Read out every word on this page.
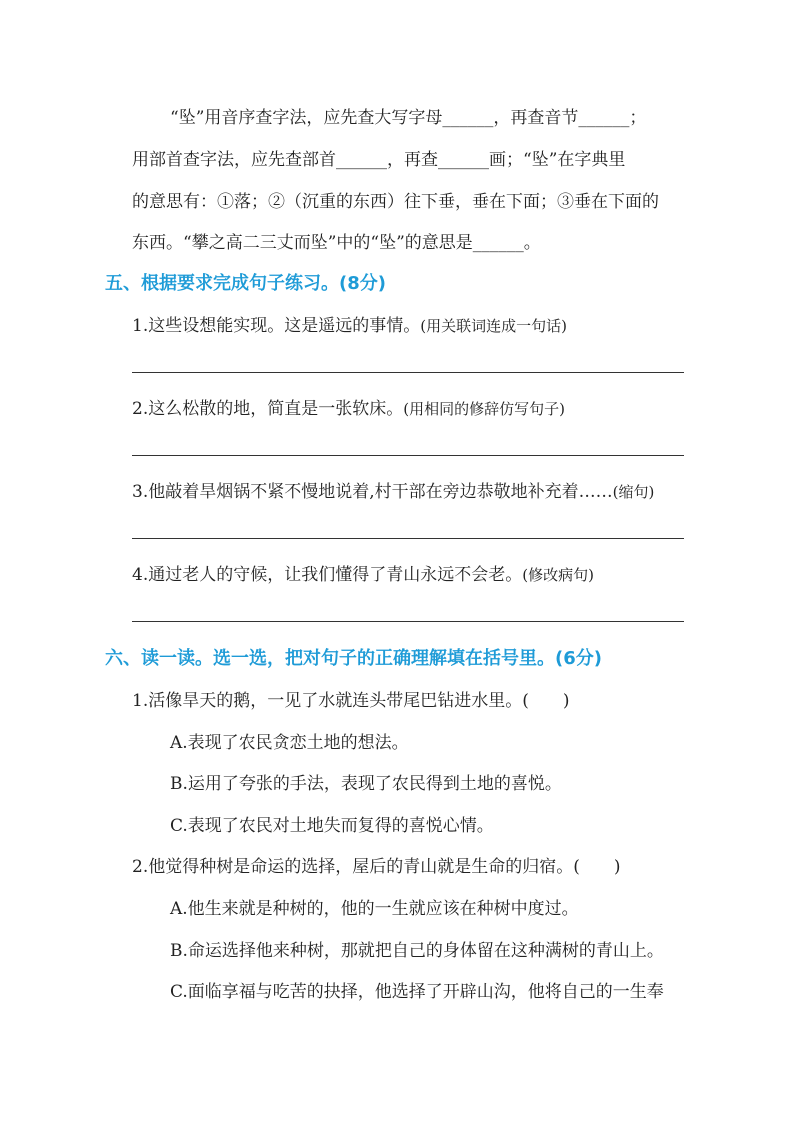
“坠”用音序查字法，应先查大写字母______，再查音节______；
用部首查字法，应先查部首______，再查______画；“坠”在字典里
的意思有：①落；②（沉重的东西）往下垂，垂在下面；③垂在下面的
东西。“攀之高二三丈而坠”中的“坠”的意思是______。
五、根据要求完成句子练习。(8分)
1.这些设想能实现。这是遥远的事情。(用关联词连成一句话)
2.这么松散的地，简直是一张软床。(用相同的修辞仿写句子)
3.他敲着旱烟锅不紧不慢地说着,村干部在旁边恭敬地补充着……(缩句)
4.通过老人的守候，让我们懂得了青山永远不会老。(修改病句)
六、读一读。选一选，把对句子的正确理解填在括号里。(6分)
1.活像旱天的鹅，一见了水就连头带尾巴钻进水里。(　　)
A.表现了农民贪恋土地的想法。
B.运用了夸张的手法，表现了农民得到土地的喜悦。
C.表现了农民对土地失而复得的喜悦心情。
2.他觉得种树是命运的选择，屋后的青山就是生命的归宿。(　　)
A.他生来就是种树的，他的一生就应该在种树中度过。
B.命运选择他来种树，那就把自己的身体留在这种满树的青山上。
C.面临享福与吃苦的抉择，他选择了开辟山沟，他将自己的一生奉
